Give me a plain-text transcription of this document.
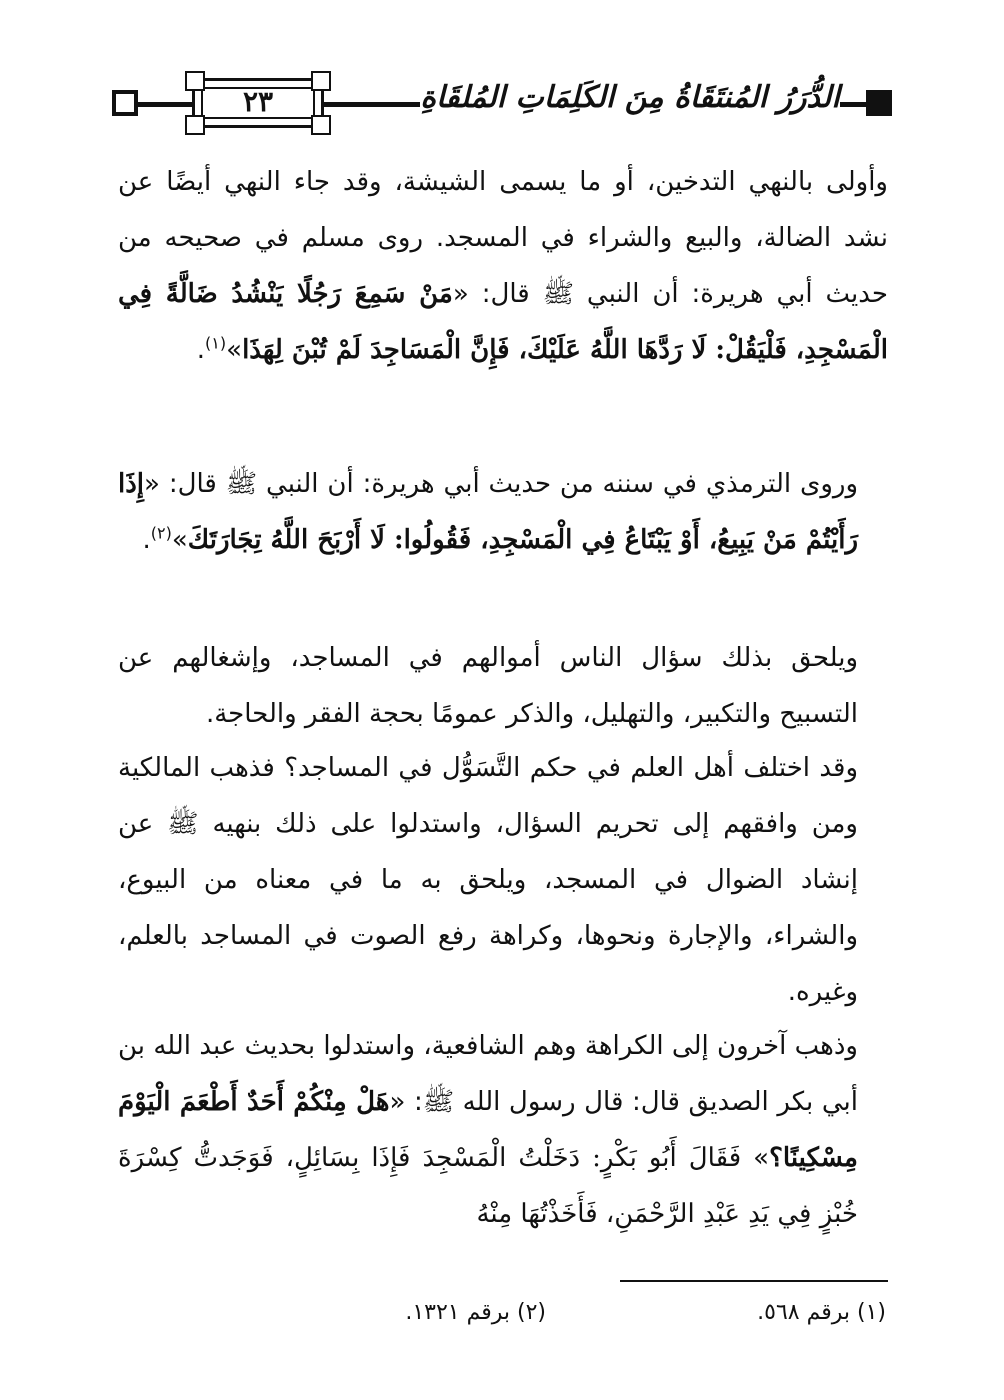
٢٣	الدُّرَرُ المُنتَقَاةُ مِنَ الكَلِمَاتِ المُلقَاةِ

وأولى بالنهي التدخين، أو ما يسمى الشيشة، وقد جاء النهي أيضًا عن نشد الضالة، والبيع والشراء في المسجد. روى مسلم في صحيحه من حديث أبي هريرة: أن النبي ﷺ قال: «مَنْ سَمِعَ رَجُلًا يَنْشُدُ ضَالَّةً فِي الْمَسْجِدِ، فَلْيَقُلْ: لَا رَدَّهَا اللَّهُ عَلَيْكَ، فَإِنَّ الْمَسَاجِدَ لَمْ تُبْنَ لِهَذَا»$^{(١)}$.

وروى الترمذي في سننه من حديث أبي هريرة: أن النبي ﷺ قال: «إِذَا رَأَيْتُمْ مَنْ يَبِيعُ، أَوْ يَبْتَاعُ فِي الْمَسْجِدِ، فَقُولُوا: لَا أَرْبَحَ اللَّهُ تِجَارَتَكَ»$^{(٢)}$.

ويلحق بذلك سؤال الناس أموالهم في المساجد، وإشغالهم عن التسبيح والتكبير، والتهليل، والذكر عمومًا بحجة الفقر والحاجة.

وقد اختلف أهل العلم في حكم التَّسَوُّل في المساجد؟ فذهب المالكية ومن وافقهم إلى تحريم السؤال، واستدلوا على ذلك بنهيه ﷺ عن إنشاد الضوال في المسجد، ويلحق به ما في معناه من البيوع، والشراء، والإجارة ونحوها، وكراهة رفع الصوت في المساجد بالعلم، وغيره.

وذهب آخرون إلى الكراهة وهم الشافعية، واستدلوا بحديث عبد الله بن أبي بكر الصديق قال: قال رسول الله ﷺ: «هَلْ مِنْكُمْ أَحَدٌ أَطْعَمَ الْيَوْمَ مِسْكِينًا؟» فَقَالَ أَبُو بَكْرٍ: دَخَلْتُ الْمَسْجِدَ فَإِذَا بِسَائِلٍ، فَوَجَدتُّ كِسْرَةَ خُبْزٍ فِي يَدِ عَبْدِ الرَّحْمَنِ، فَأَخَذْتُهَا مِنْهُ

(١) برقم ٥٦٨.
(٢) برقم ١٣٢١.
